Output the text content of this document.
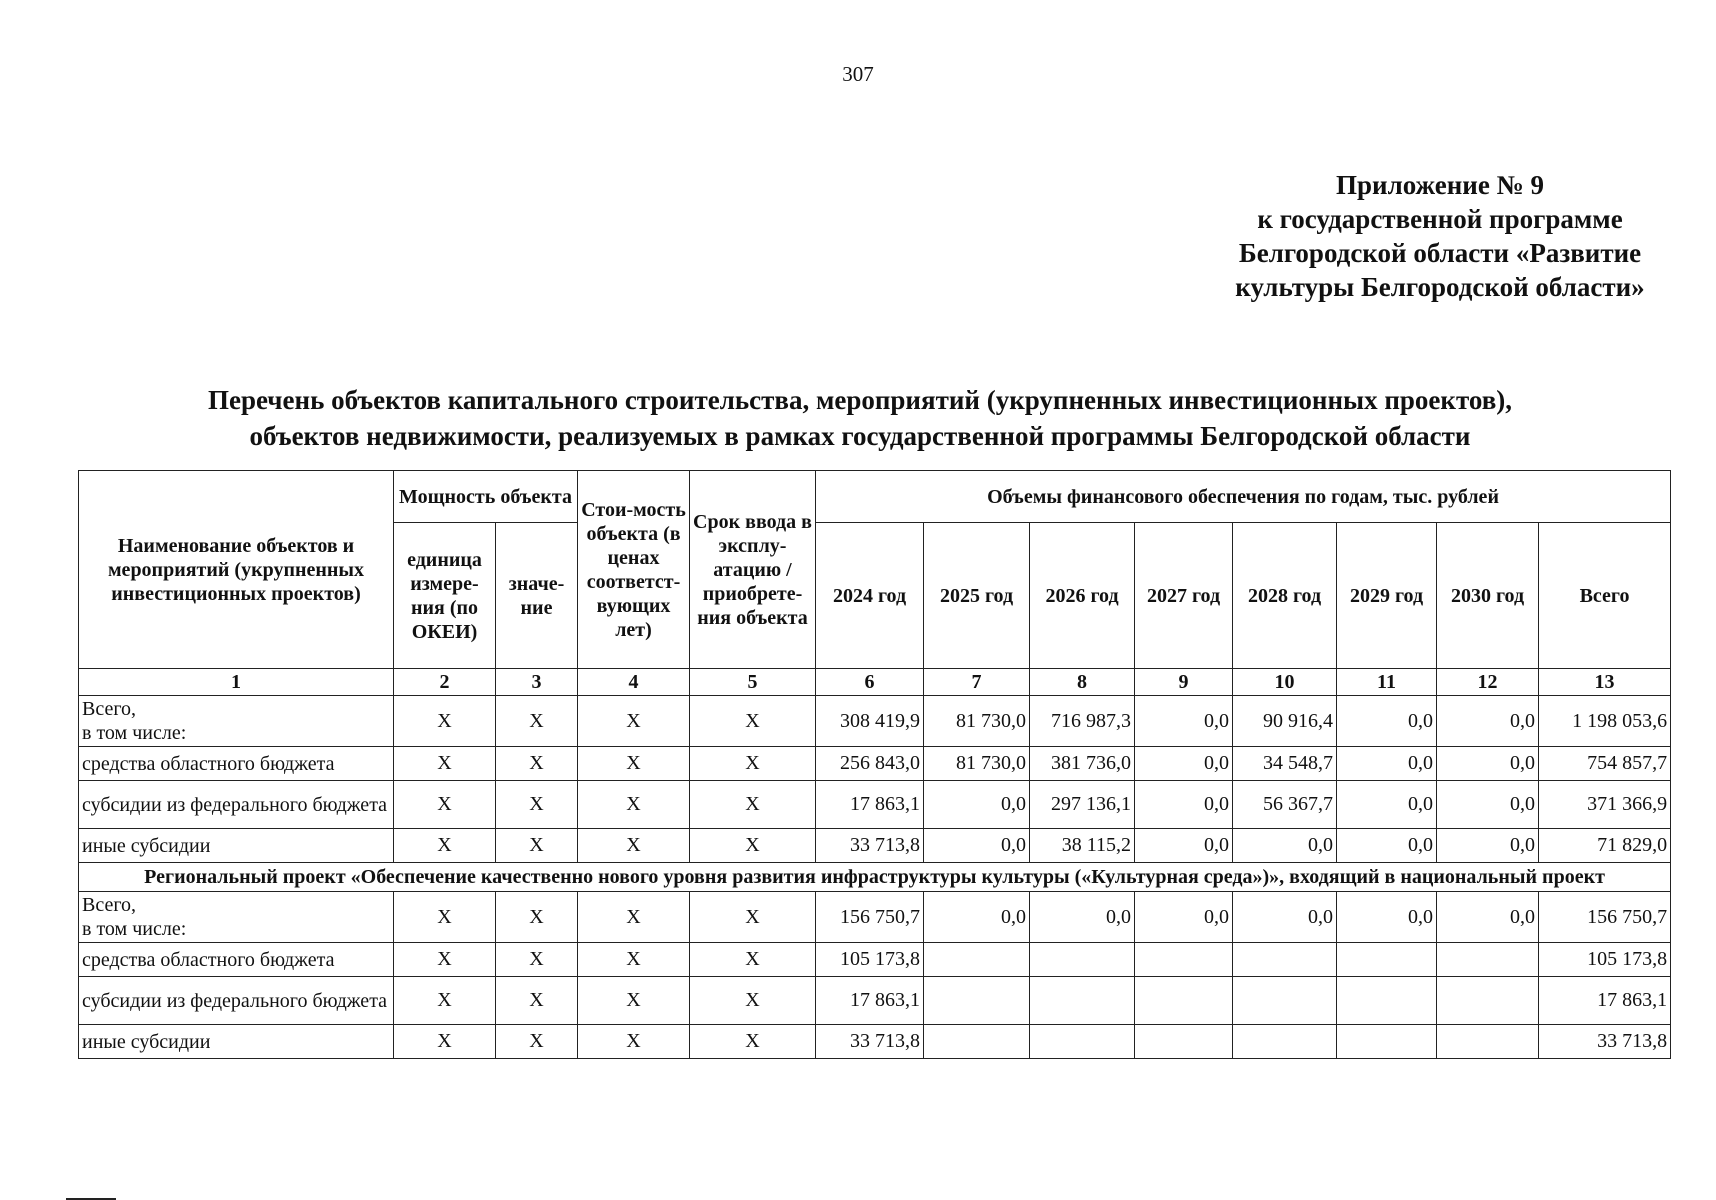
307
Приложение № 9
к государственной программе
Белгородской области «Развитие
культуры Белгородской области»
Перечень объектов капитального строительства, мероприятий (укрупненных инвестиционных проектов),
объектов недвижимости, реализуемых в рамках государственной программы Белгородской области
Наименование объектов и мероприятий (укрупненных инвестиционных проектов)	Мощность объекта		Стои-мость объекта (в ценах соответст-вующих лет)	Срок ввода в эксплу-атацию / приобрете-ния объекта	Объемы финансового обеспечения по годам, тыс. рублей							
	единица измере-ния (по ОКЕИ)	значе-ние			2024 год	2025 год	2026 год	2027 год	2028 год	2029 год	2030 год	Всего
1	2	3	4	5	6	7	8	9	10	11	12	13
Всего,
в том числе:	Х	Х	Х	Х	308 419,9	81 730,0	716 987,3	0,0	90 916,4	0,0	0,0	1 198 053,6
средства областного бюджета	Х	Х	Х	Х	256 843,0	81 730,0	381 736,0	0,0	34 548,7	0,0	0,0	754 857,7
субсидии из федерального бюджета	Х	Х	Х	Х	17 863,1	0,0	297 136,1	0,0	56 367,7	0,0	0,0	371 366,9
иные субсидии	Х	Х	Х	Х	33 713,8	0,0	38 115,2	0,0	0,0	0,0	0,0	71 829,0
Региональный проект «Обеспечение качественно нового уровня развития инфраструктуры культуры («Культурная среда»)», входящий в национальный проект												
Всего,
в том числе:	Х	Х	Х	Х	156 750,7	0,0	0,0	0,0	0,0	0,0	0,0	156 750,7
средства областного бюджета	Х	Х	Х	Х	105 173,8							105 173,8
субсидии из федерального бюджета	Х	Х	Х	Х	17 863,1							17 863,1
иные субсидии	Х	Х	Х	Х	33 713,8							33 713,8
